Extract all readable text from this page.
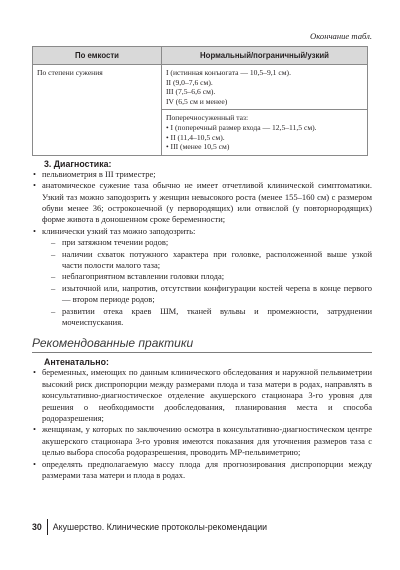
Окончание табл.
По емкости	Нормальный/пограничный/узкий
По степени сужения	I (истинная конъюгата — 10,5–9,1 см).
II (9,0–7,6 см).
III (7,5–6,6 см).
IV (6,5 см и менее)

	Поперечносуженный таз:
• I (поперечный размер входа — 12,5–11,5 см).
• II (11,4–10,5 см).
• III (менее 10,5 см)
3. Диагностика:
• пельвиометрия в III триместре;
• анатомическое сужение таза обычно не имеет отчетливой клинической симптоматики. Узкий таз можно заподозрить у женщин невысокого роста (менее 155–160 см) с размером обуви менее 36; остроконечной (у первородящих) или отвислой (у повторнородящих) форме живота в доношенном сроке беременности;
• клинически узкий таз можно заподозрить:
– при затяжном течении родов;
– наличии схваток потужного характера при головке, расположенной выше узкой части полости малого таза;
– неблагоприятном вставлении головки плода;
– изыточной или, напротив, отсутствии конфигурации костей черепа в конце первого — втором периоде родов;
– развитии отека краев ШМ, тканей вульвы и промежности, затруднении мочеиспускания.
Рекомендованные практики
Антенатально:
• беременных, имеющих по данным клинического обследования и наружной пельвиметрии высокий риск диспропорции между размерами плода и таза матери в родах, направлять в консультативно-диагностическое отделение акушерского стационара 3-го уровня для решения о необходимости дообследования, планирования места и способа родоразрешения;
• женщинам, у которых по заключению осмотра в консультативно-диагностическом центре акушерского стационара 3-го уровня имеются показания для уточнения размеров таза с целью выбора способа родоразрешения, проводить МР-пельвиметрию;
• определять предполагаемую массу плода для прогнозирования диспропорции между размерами таза матери и плода в родах.
30	Акушерство. Клинические протоколы-рекомендации
